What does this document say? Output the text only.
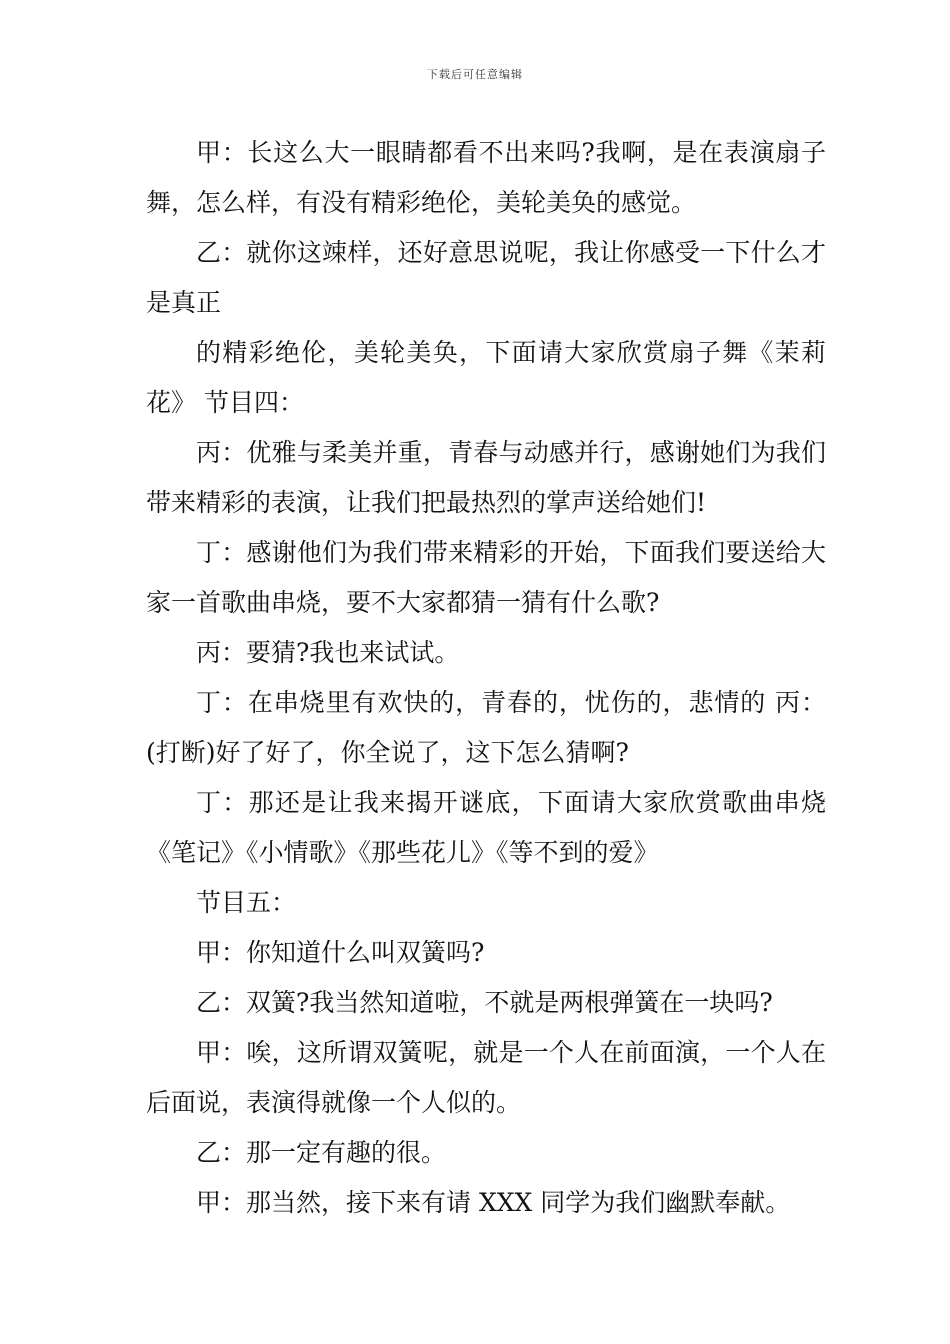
下载后可任意编辑

甲：长这么大一眼睛都看不出来吗?我啊，是在表演扇子舞，怎么样，有没有精彩绝伦，美轮美奂的感觉。

乙：就你这竦样，还好意思说呢，我让你感受一下什么才是真正

的精彩绝伦，美轮美奂，下面请大家欣赏扇子舞《茉莉花》 节目四：

丙：优雅与柔美并重，青春与动感并行，感谢她们为我们带来精彩的表演，让我们把最热烈的掌声送给她们!

丁：感谢他们为我们带来精彩的开始，下面我们要送给大家一首歌曲串烧，要不大家都猜一猜有什么歌?

丙：要猜?我也来试试。

丁：在串烧里有欢快的，青春的，忧伤的，悲情的 丙：(打断)好了好了，你全说了，这下怎么猜啊?

丁：那还是让我来揭开谜底，下面请大家欣赏歌曲串烧《笔记》《小情歌》《那些花儿》《等不到的爱》

节目五：

甲：你知道什么叫双簧吗?

乙：双簧?我当然知道啦，不就是两根弹簧在一块吗?

甲：唉，这所谓双簧呢，就是一个人在前面演，一个人在后面说，表演得就像一个人似的。

乙：那一定有趣的很。

甲：那当然，接下来有请 XXX 同学为我们幽默奉献。
